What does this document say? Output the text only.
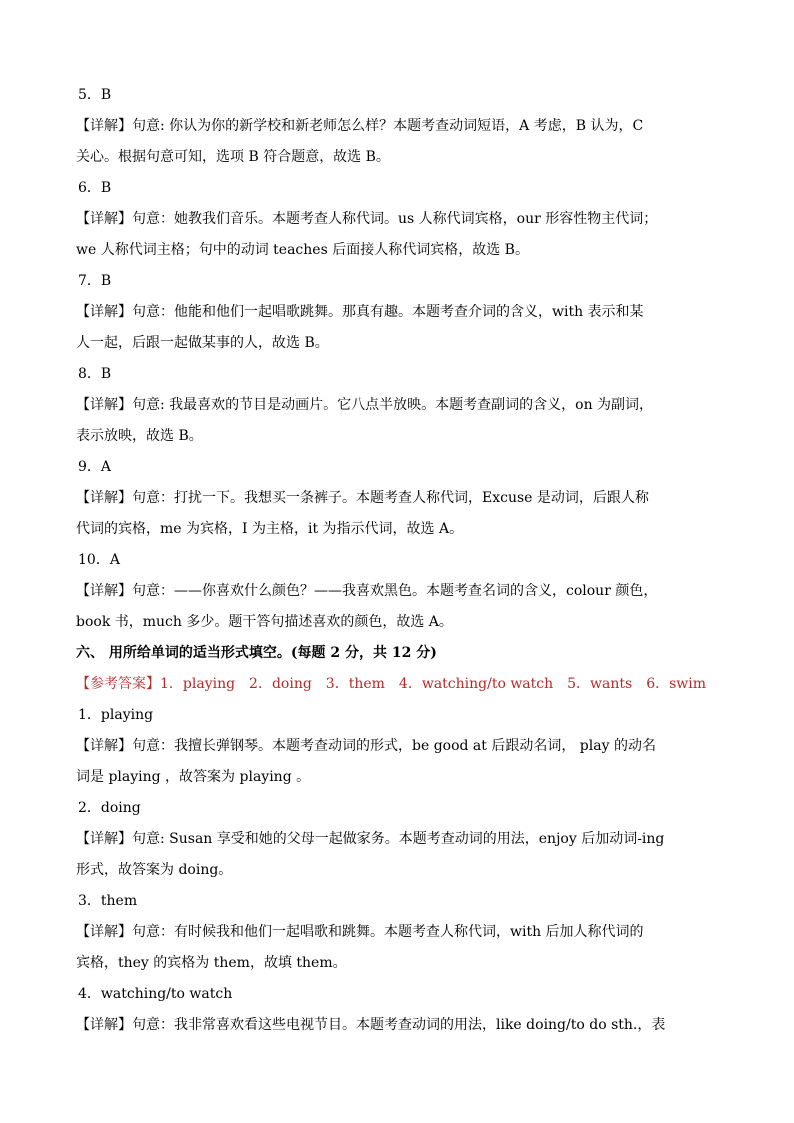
5．B
【详解】句意: 你认为你的新学校和新老师怎么样？本题考查动词短语，A 考虑，B 认为，C
关心。根据句意可知，选项 B 符合题意，故选 B。
6．B
【详解】句意：她教我们音乐。本题考查人称代词。us 人称代词宾格，our 形容性物主代词；
we 人称代词主格；句中的动词 teaches 后面接人称代词宾格，故选 B。
7．B
【详解】句意：他能和他们一起唱歌跳舞。那真有趣。本题考查介词的含义，with 表示和某
人一起，后跟一起做某事的人，故选 B。
8．B
【详解】句意: 我最喜欢的节目是动画片。它八点半放映。本题考查副词的含义，on 为副词，
表示放映，故选 B。
9．A
【详解】句意：打扰一下。我想买一条裤子。本题考查人称代词，Excuse 是动词，后跟人称
代词的宾格，me 为宾格，I 为主格，it 为指示代词，故选 A。
10．A
【详解】句意：——你喜欢什么颜色？——我喜欢黑色。本题考查名词的含义，colour 颜色，
book 书，much 多少。题干答句描述喜欢的颜色，故选 A。
六、 用所给单词的适当形式填空。(每题 2 分，共 12 分)
【参考答案】1．playing　2．doing　3．them　4．watching/to watch　5．wants　6．swim
1．playing
【详解】句意：我擅长弹钢琴。本题考查动词的形式，be good at 后跟动名词， play 的动名
词是 playing ，故答案为 playing 。
2．doing
【详解】句意: Susan 享受和她的父母一起做家务。本题考查动词的用法，enjoy 后加动词-ing
形式，故答案为 doing。
3．them
【详解】句意：有时候我和他们一起唱歌和跳舞。本题考查人称代词，with 后加人称代词的
宾格，they 的宾格为 them，故填 them。
4．watching/to watch
【详解】句意：我非常喜欢看这些电视节目。本题考查动词的用法，like doing/to do sth.，表
